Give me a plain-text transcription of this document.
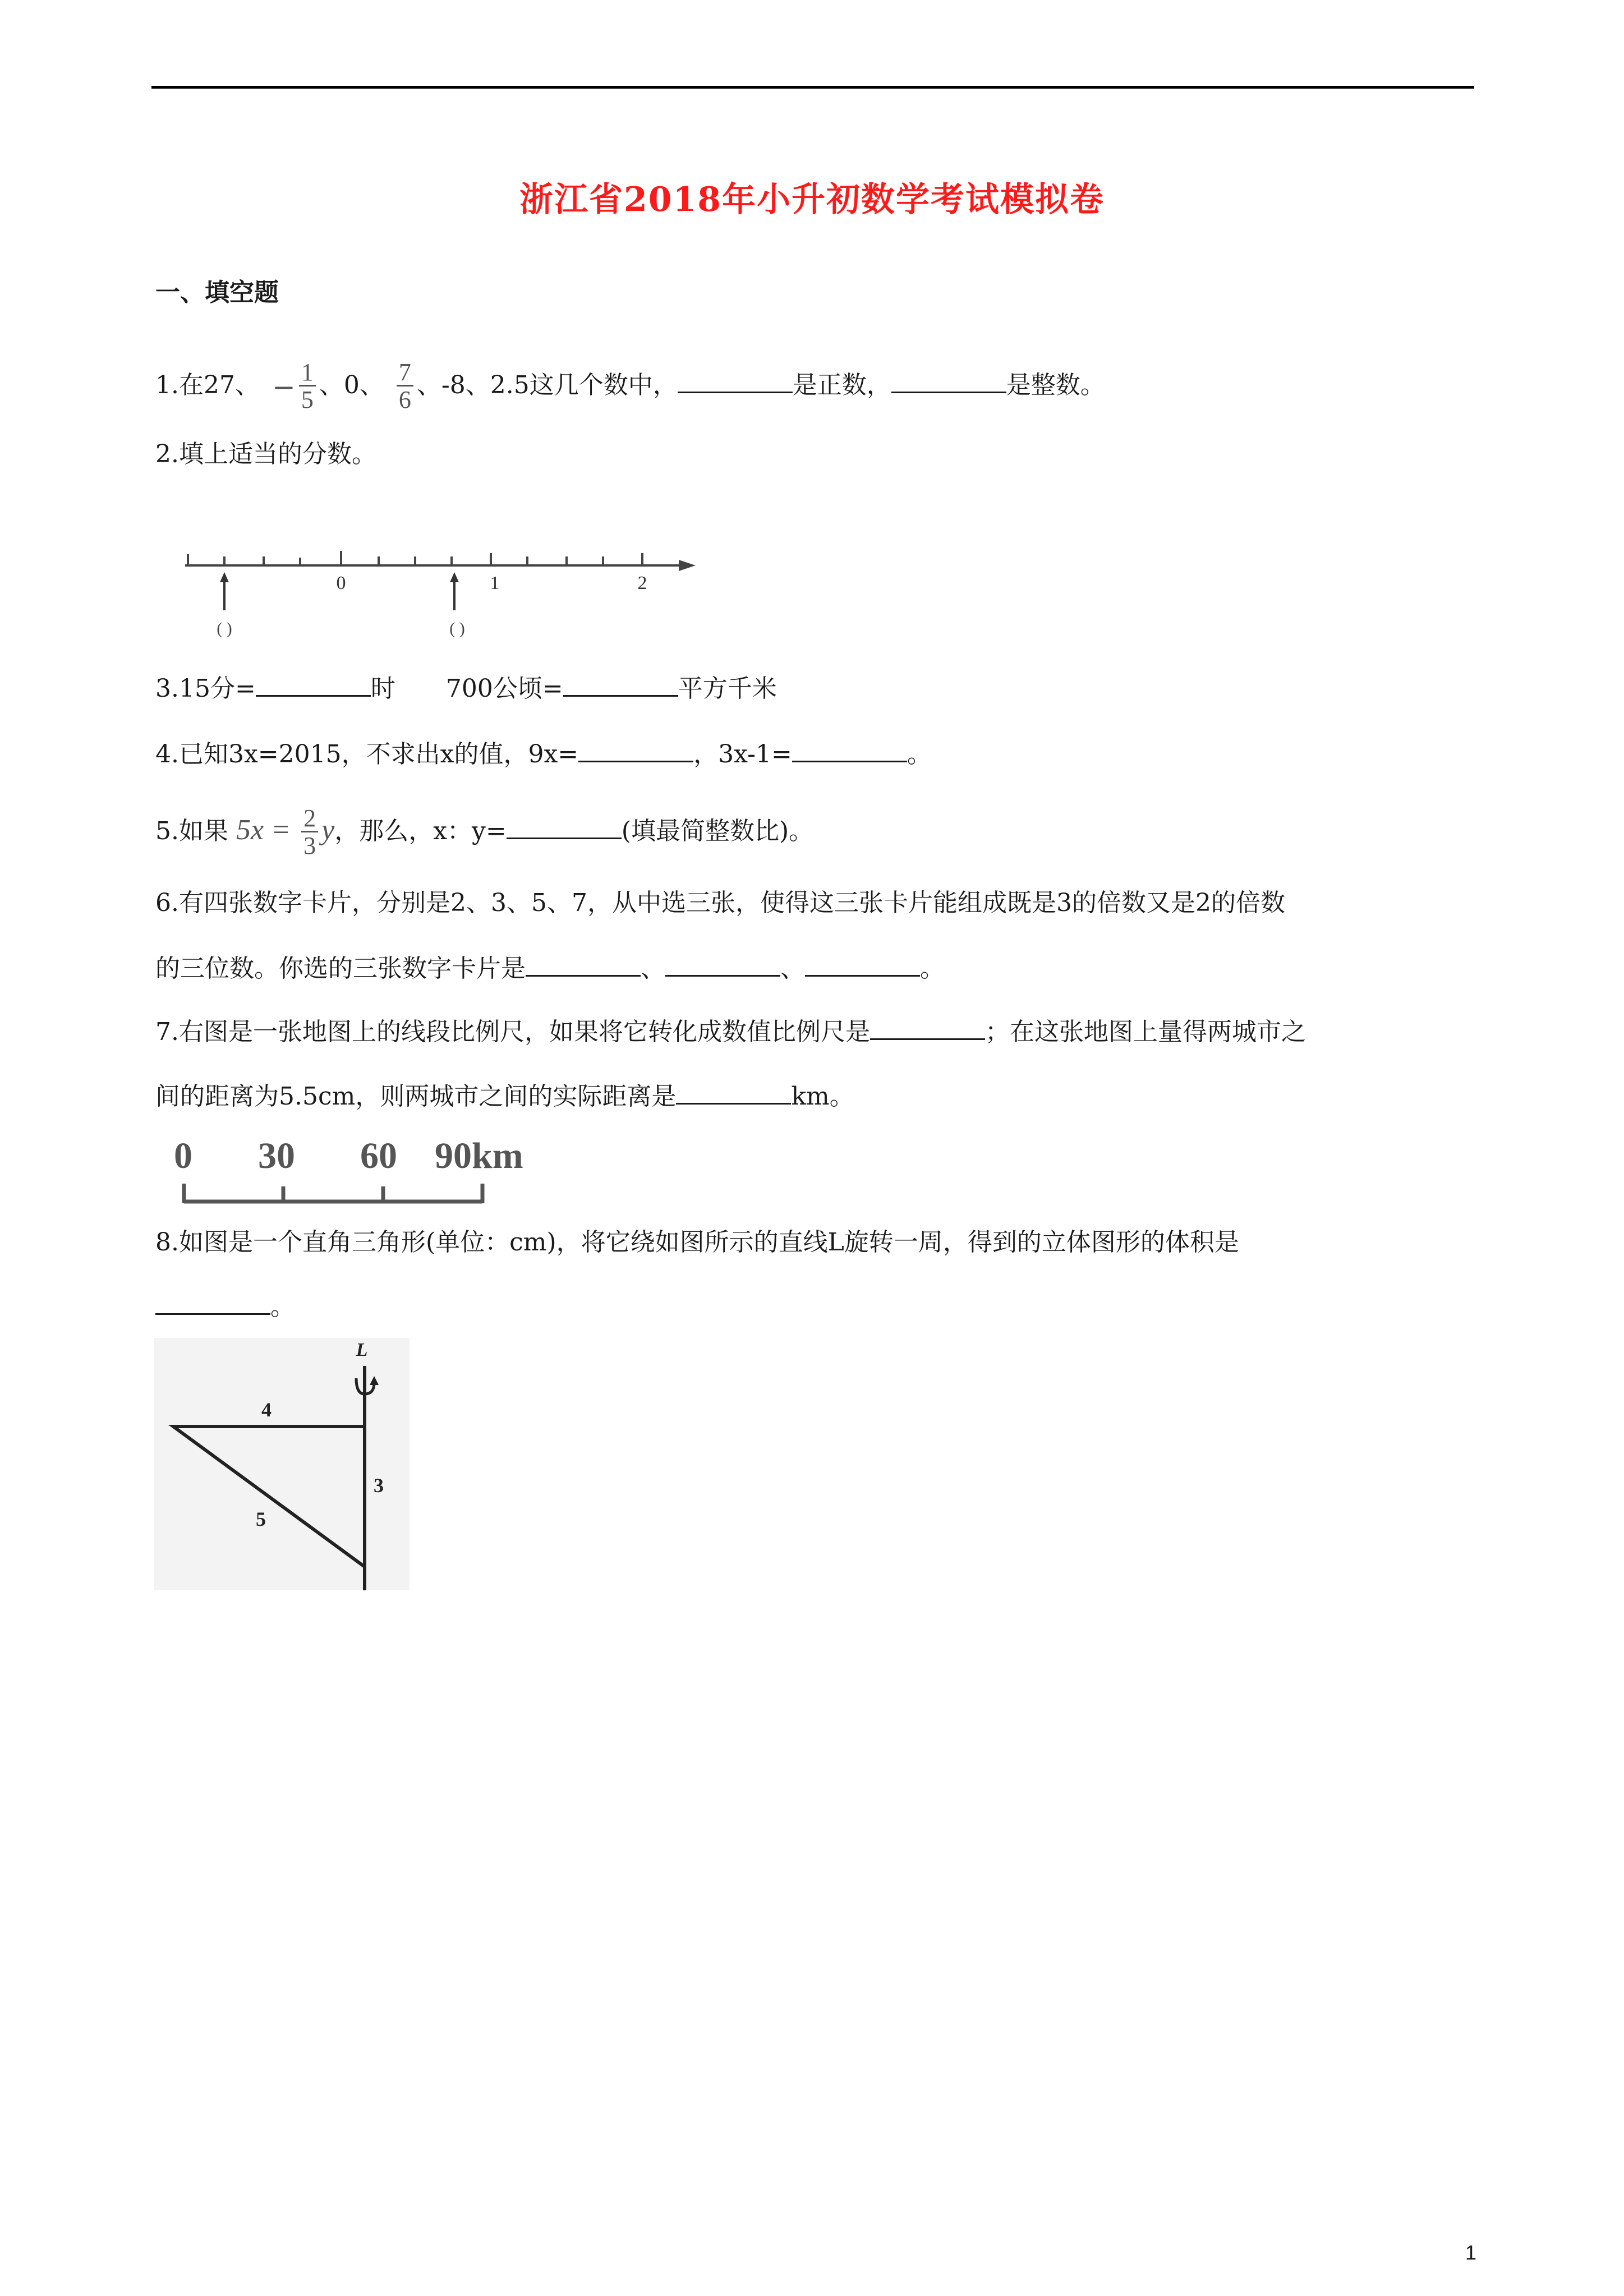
浙江省2018年小升初数学考试模拟卷
一、填空题
1.在27、 − $\frac{1}{5}$ 、0、 $\frac{7}{6}$ 、-8、2.5这几个数中，	是正数，	是整数。
2.填上适当的分数。
0	1	2
( )	( )
3.15分=	时 700公顷=	平方千米
4.已知3x=2015，不求出x的值，9x=	，3x-1=	。
5.如果 $5x = \frac{2}{3}$ y，那么，x：y=	(填最简整数比)。
6.有四张数字卡片，分别是2、3、5、7，从中选三张，使得这三张卡片能组成既是3的倍数又是2的倍数
的三位数。你选的三张数字卡片是	、	、	。
7.右图是一张地图上的线段比例尺，如果将它转化成数值比例尺是	；在这张地图上量得两城市之
间的距离为5.5cm，则两城市之间的实际距离是	km。
0 30 60 90km
8.如图是一个直角三角形(单位：cm)，将它绕如图所示的直线L旋转一周，得到的立体图形的体积是
。
L
4
3
5
1
